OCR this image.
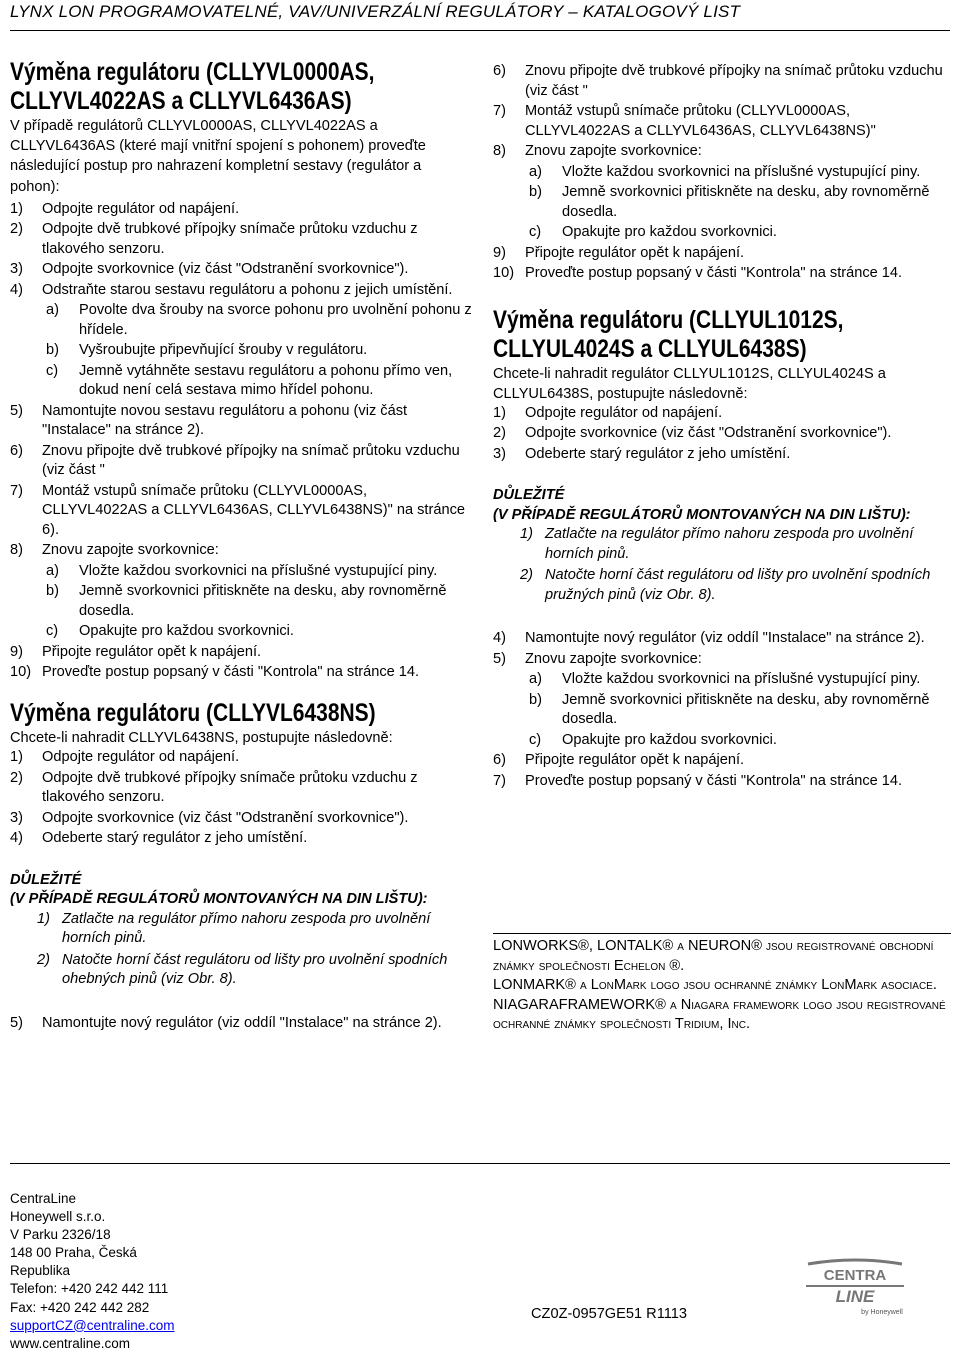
LYNX LON PROGRAMOVATELNÉ, VAV/UNIVERZÁLNÍ REGULÁTORY – KATALOGOVÝ LIST
Výměna regulátoru (CLLYVL0000AS,
CLLYVL4022AS a CLLYVL6436AS)

V případě regulátorů CLLYVL0000AS, CLLYVL4022AS a CLLYVL6436AS (které mají vnitřní spojení s pohonem) proveďte následující postup pro nahrazení kompletní sestavy (regulátor a pohon):

1) Odpojte regulátor od napájení.
2) Odpojte dvě trubkové přípojky snímače průtoku vzduchu z tlakového senzoru.
3) Odpojte svorkovnice (viz část "Odstranění svorkovnice").
4) Odstraňte starou sestavu regulátoru a pohonu z jejich umístění.
a) Povolte dva šrouby na svorce pohonu pro uvolnění pohonu z hřídele.
b) Vyšroubujte připevňující šrouby v regulátoru.
c) Jemně vytáhněte sestavu regulátoru a pohonu přímo ven, dokud není celá sestava mimo hřídel pohonu.
5) Namontujte novou sestavu regulátoru a pohonu (viz část "Instalace" na stránce 2).
6) Znovu připojte dvě trubkové přípojky na snímač průtoku vzduchu (viz část "
7) Montáž vstupů snímače průtoku (CLLYVL0000AS, CLLYVL4022AS a CLLYVL6436AS, CLLYVL6438NS)" na stránce 6).
8) Znovu zapojte svorkovnice:
a) Vložte každou svorkovnici na příslušné vystupující piny.
b) Jemně svorkovnici přitiskněte na desku, aby rovnoměrně dosedla.
c) Opakujte pro každou svorkovnici.
9) Připojte regulátor opět k napájení.
10) Proveďte postup popsaný v části "Kontrola" na stránce 14.
Výměna regulátoru (CLLYVL6438NS)

Chcete-li nahradit CLLYVL6438NS, postupujte následovně:

1) Odpojte regulátor od napájení.
2) Odpojte dvě trubkové přípojky snímače průtoku vzduchu z tlakového senzoru.
3) Odpojte svorkovnice (viz část "Odstranění svorkovnice").
4) Odeberte starý regulátor z jeho umístění.
DŮLEŽITÉ
(V PŘÍPADĚ REGULÁTORŮ MONTOVANÝCH NA DIN LIŠTU):
1) Zatlačte na regulátor přímo nahoru zespoda pro uvolnění horních pinů.
2) Natočte horní část regulátoru od lišty pro uvolnění spodních ohebných pinů (viz Obr. 8).
5) Namontujte nový regulátor (viz oddíl "Instalace" na stránce 2).
6) Znovu připojte dvě trubkové přípojky na snímač průtoku vzduchu (viz část "
7) Montáž vstupů snímače průtoku (CLLYVL0000AS, CLLYVL4022AS a CLLYVL6436AS, CLLYVL6438NS)"
8) Znovu zapojte svorkovnice:
a) Vložte každou svorkovnici na příslušné vystupující piny.
b) Jemně svorkovnici přitiskněte na desku, aby rovnoměrně dosedla.
c) Opakujte pro každou svorkovnici.
9) Připojte regulátor opět k napájení.
10) Proveďte postup popsaný v části "Kontrola" na stránce 14.
Výměna regulátoru (CLLYUL1012S,
CLLYUL4024S a CLLYUL6438S)

Chcete-li nahradit regulátor CLLYUL1012S, CLLYUL4024S a CLLYUL6438S, postupujte následovně:

1) Odpojte regulátor od napájení.
2) Odpojte svorkovnice (viz část "Odstranění svorkovnice").
3) Odeberte starý regulátor z jeho umístění.
DŮLEŽITÉ
(V PŘÍPADĚ REGULÁTORŮ MONTOVANÝCH NA DIN LIŠTU):
1) Zatlačte na regulátor přímo nahoru zespoda pro uvolnění horních pinů.
2) Natočte horní část regulátoru od lišty pro uvolnění spodních pružných pinů (viz Obr. 8).
4) Namontujte nový regulátor (viz oddíl "Instalace" na stránce 2).
5) Znovu zapojte svorkovnice:
a) Vložte každou svorkovnici na příslušné vystupující piny.
b) Jemně svorkovnici přitiskněte na desku, aby rovnoměrně dosedla.
c) Opakujte pro každou svorkovnici.
6) Připojte regulátor opět k napájení.
7) Proveďte postup popsaný v části "Kontrola" na stránce 14.

LONWORKS®, LONTALK® a NEURON® jsou registrované obchodní známky společnosti Echelon ®.

LONMARK® a LonMark logo jsou ochranné známky LonMark asociace.

NIAGARAFRAMEWORK® a Niagara framework logo jsou registrované ochranné známky společnosti Tridium, Inc.

CentraLine
Honeywell s.r.o.
V Parku 2326/18
148 00 Praha, Česká
Republika
Telefon: +420 242 442 111
Fax: +420 242 442 282
supportCZ@centraline.com
www.centraline.com
CZ0Z-0957GE51 R1113
CENTRA
LINE
by Honeywell
